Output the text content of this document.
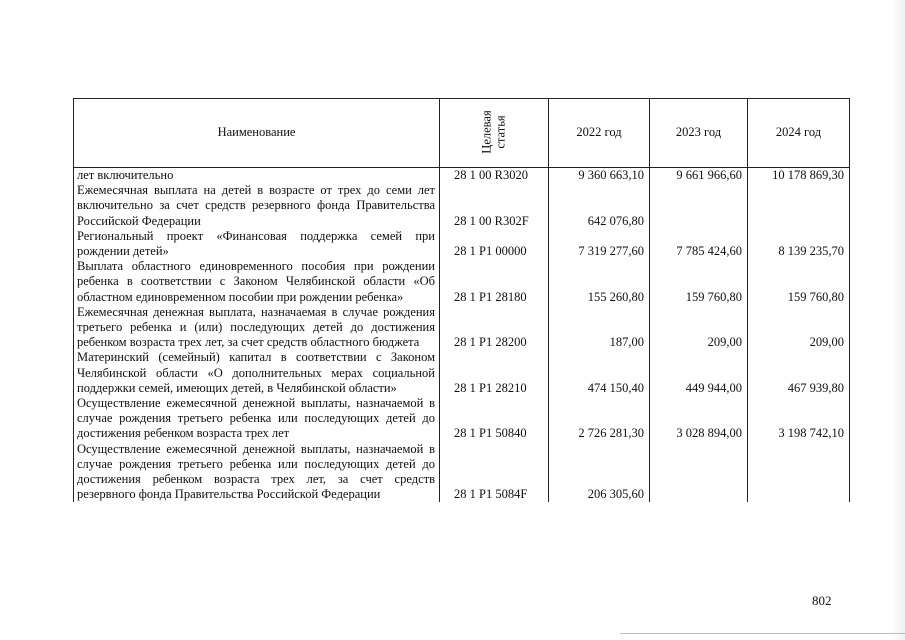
Наименование	Целевая статья	2022 год	2023 год	2024 год
лет включительно	28 1 00 R3020	9 360 663,10	9 661 966,60	10 178 869,30
Ежемесячная выплата на детей в возрасте от трех до семи лет включительно за счет средств резервного фонда Правительства Российской Федерации	28 1 00 R302F	642 076,80		
Региональный проект «Финансовая поддержка семей при рождении детей»	28 1 P1 00000	7 319 277,60	7 785 424,60	8 139 235,70
Выплата областного единовременного пособия при рождении ребенка в соответствии с Законом Челябинской области «Об областном единовременном пособии при рождении ребенка»	28 1 P1 28180	155 260,80	159 760,80	159 760,80
Ежемесячная денежная выплата, назначаемая в случае рождения третьего ребенка и (или) последующих детей до достижения ребенком возраста трех лет, за счет средств областного бюджета	28 1 P1 28200	187,00	209,00	209,00
Материнский (семейный) капитал в соответствии с Законом Челябинской области «О дополнительных мерах социальной поддержки семей, имеющих детей, в Челябинской области»	28 1 P1 28210	474 150,40	449 944,00	467 939,80
Осуществление ежемесячной денежной выплаты, назначаемой в случае рождения третьего ребенка или последующих детей до достижения ребенком возраста трех лет	28 1 P1 50840	2 726 281,30	3 028 894,00	3 198 742,10
Осуществление ежемесячной денежной выплаты, назначаемой в случае рождения третьего ребенка или последующих детей до достижения ребенком возраста трех лет, за счет средств резервного фонда Правительства Российской Федерации	28 1 P1 5084F	206 305,60		
802
